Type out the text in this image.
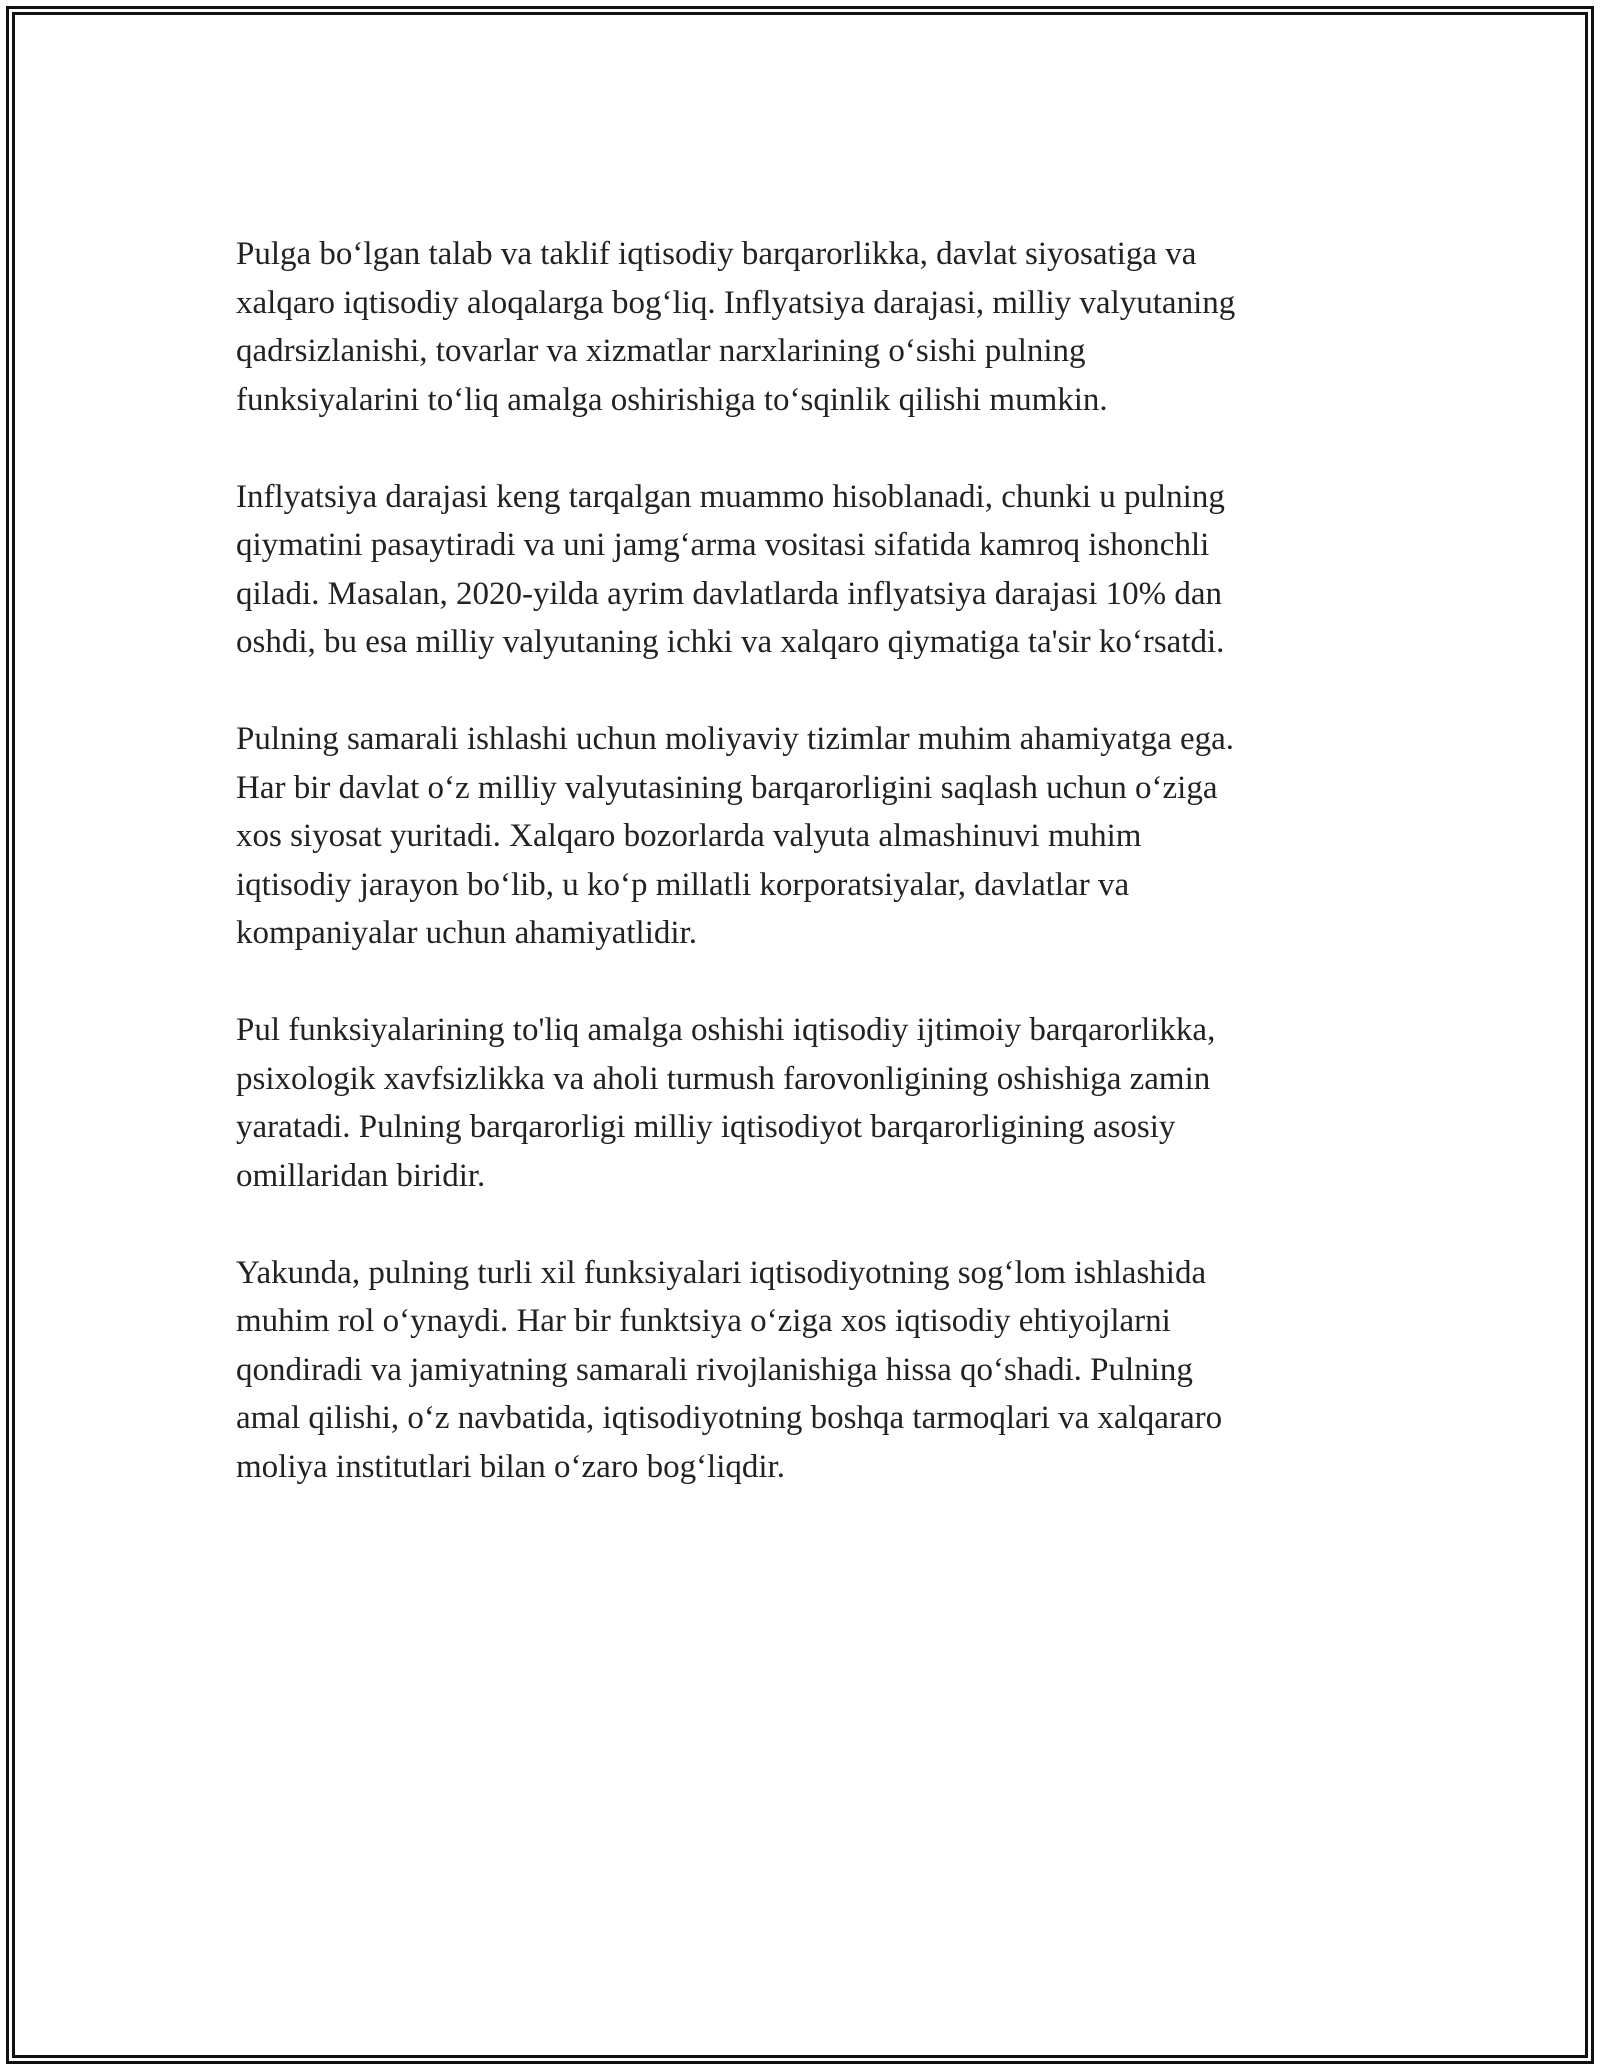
Pulga boʻlgan talab va taklif iqtisodiy barqarorlikka, davlat siyosatiga va
xalqaro iqtisodiy aloqalarga bogʻliq. Inflyatsiya darajasi, milliy valyutaning
qadrsizlanishi, tovarlar va xizmatlar narxlarining oʻsishi pulning
funksiyalarini toʻliq amalga oshirishiga toʻsqinlik qilishi mumkin.

Inflyatsiya darajasi keng tarqalgan muammo hisoblanadi, chunki u pulning
qiymatini pasaytiradi va uni jamgʻarma vositasi sifatida kamroq ishonchli
qiladi. Masalan, 2020-yilda ayrim davlatlarda inflyatsiya darajasi 10% dan
oshdi, bu esa milliy valyutaning ichki va xalqaro qiymatiga ta'sir koʻrsatdi.

Pulning samarali ishlashi uchun moliyaviy tizimlar muhim ahamiyatga ega.
Har bir davlat oʻz milliy valyutasining barqarorligini saqlash uchun oʻziga
xos siyosat yuritadi. Xalqaro bozorlarda valyuta almashinuvi muhim
iqtisodiy jarayon boʻlib, u koʻp millatli korporatsiyalar, davlatlar va
kompaniyalar uchun ahamiyatlidir.

Pul funksiyalarining to'liq amalga oshishi iqtisodiy ijtimoiy barqarorlikka,
psixologik xavfsizlikka va aholi turmush farovonligining oshishiga zamin
yaratadi. Pulning barqarorligi milliy iqtisodiyot barqarorligining asosiy
omillaridan biridir.

Yakunda, pulning turli xil funksiyalari iqtisodiyotning sogʻlom ishlashida
muhim rol oʻynaydi. Har bir funktsiya oʻziga xos iqtisodiy ehtiyojlarni
qondiradi va jamiyatning samarali rivojlanishiga hissa qoʻshadi. Pulning
amal qilishi, oʻz navbatida, iqtisodiyotning boshqa tarmoqlari va xalqararo
moliya institutlari bilan oʻzaro bogʻliqdir.
